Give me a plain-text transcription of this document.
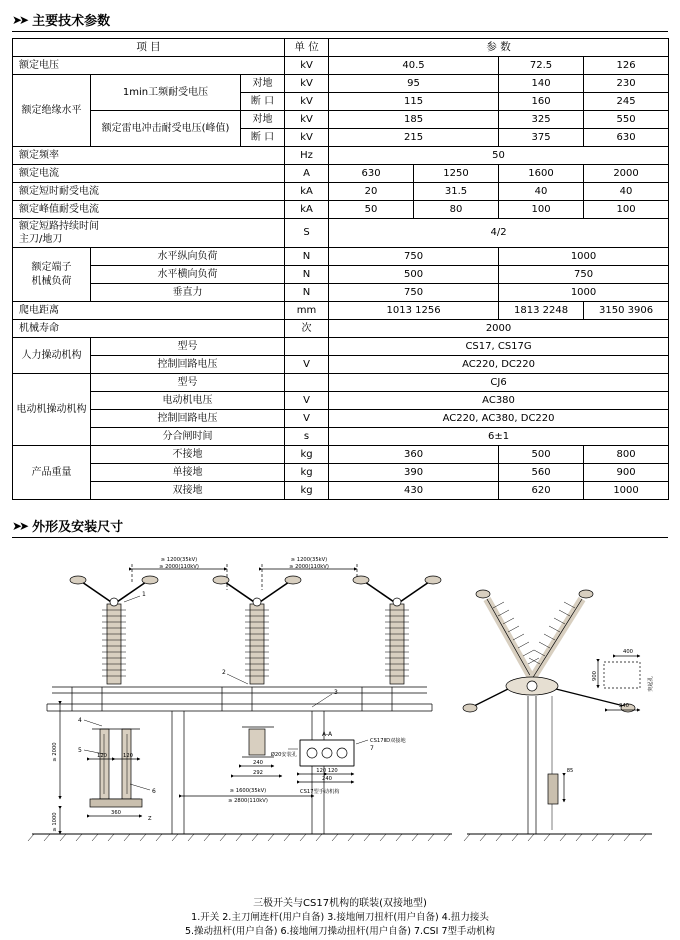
➤➤ 主要技术参数
项 目			单 位	参 数			
额定电压			kV	40.5		72.5	126
额定绝缘水平	1min工频耐受电压	对地	kV	95		140	230
		断 口	kV	115		160	245
	额定雷电冲击耐受电压(峰值)	对地	kV	185		325	550
		断 口	kV	215		375	630
额定频率			Hz	50			
额定电流			A	630	1250	1600	2000
额定短时耐受电流			kA	20	31.5	40	40
额定峰值耐受电流			kA	50	80	100	100
额定短路持续时间
主刀/地刀			S	4/2			
额定端子
机械负荷	水平纵向负荷		N	750		1000	
	水平横向负荷		N	500		750	
	垂直力		N	750		1000	
爬电距离			mm	1013 1256		1813 2248	3150 3906
机械寿命			次	2000			
人力操动机构	型号			CS17, CS17G			
	控制回路电压		V	AC220, DC220			
电动机操动机构	型号			CJ6			
	电动机电压		V	AC380			
	控制回路电压		V	AC220, AC380, DC220			
	分合闸时间		s	6±1			
产品重量	不接地		kg	360		500	800
	单接地		kg	390		560	900
	双接地		kg	430		620	1000
➤➤ 外形及安装尺寸
≥ 1200(35kV)
≥ 2000(110kV)
≥ 1200(35kV)
≥ 2000(110kV)
≥ 1600(35kV)
≥ 2800(110kV)
≥ 2000
≥ 1000	360
Z
120	120
240
292
A-A
Ø20安装孔
120 120
240
CS17ⅡD双接地
CS17型手动机构
900
400
240
85
突起孔
1
2
3
4
5
6
7
三极开关与CS17机构的联装(双接地型)
1.开关 2.主刀闸连杆(用户自备) 3.接地闸刀扭杆(用户自备) 4.扭力接头
5.操动扭杆(用户自备) 6.接地闸刀操动扭杆(用户自备) 7.CSI 7型手动机构
